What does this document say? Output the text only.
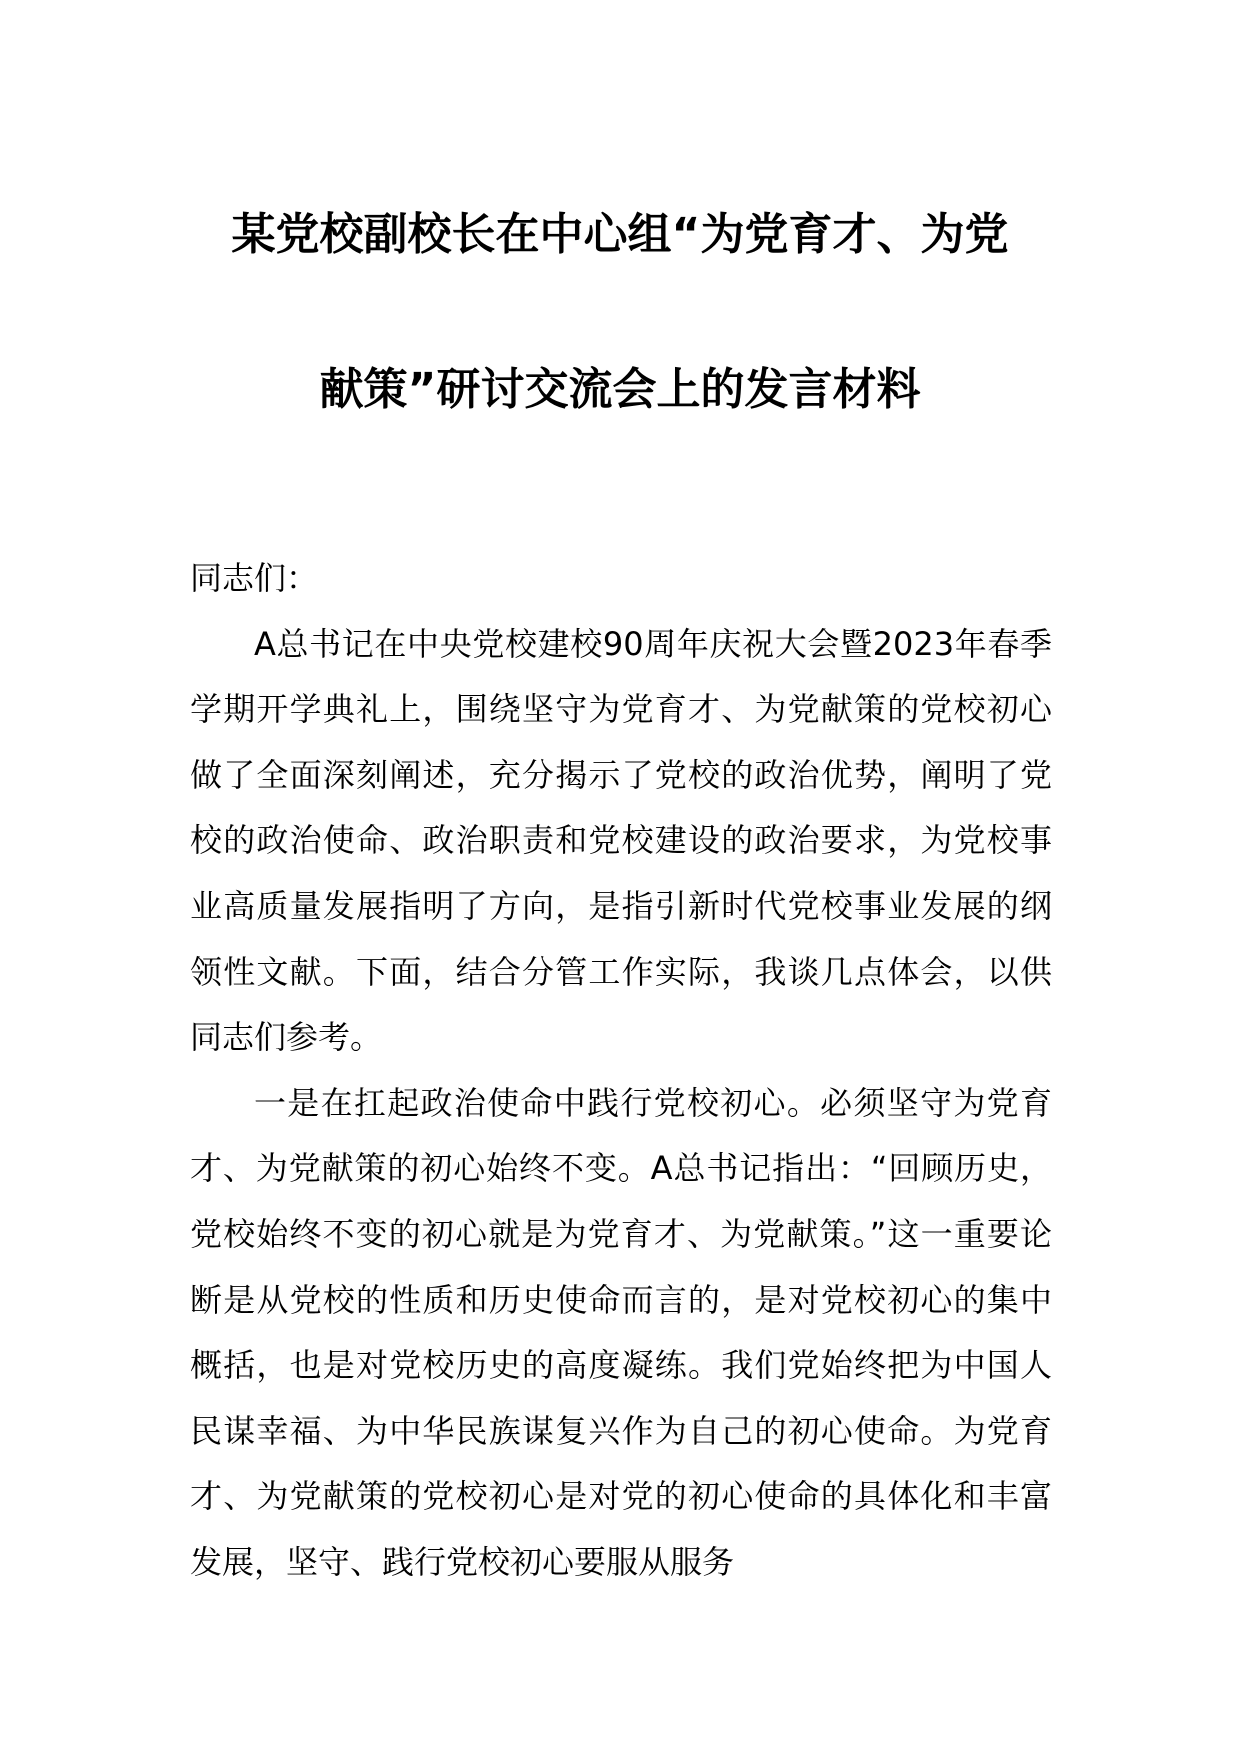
某党校副校长在中心组“为党育才、为党
献策”研讨交流会上的发言材料

同志们：

A总书记在中央党校建校90周年庆祝大会暨2023年春季学期开学典礼上，围绕坚守为党育才、为党献策的党校初心做了全面深刻阐述，充分揭示了党校的政治优势，阐明了党校的政治使命、政治职责和党校建设的政治要求，为党校事业高质量发展指明了方向，是指引新时代党校事业发展的纲领性文献。下面，结合分管工作实际，我谈几点体会，以供同志们参考。

一是在扛起政治使命中践行党校初心。必须坚守为党育才、为党献策的初心始终不变。A总书记指出：“回顾历史，党校始终不变的初心就是为党育才、为党献策。”这一重要论断是从党校的性质和历史使命而言的，是对党校初心的集中概括，也是对党校历史的高度凝练。我们党始终把为中国人民谋幸福、为中华民族谋复兴作为自己的初心使命。为党育才、为党献策的党校初心是对党的初心使命的具体化和丰富发展，坚守、践行党校初心要服从服务
